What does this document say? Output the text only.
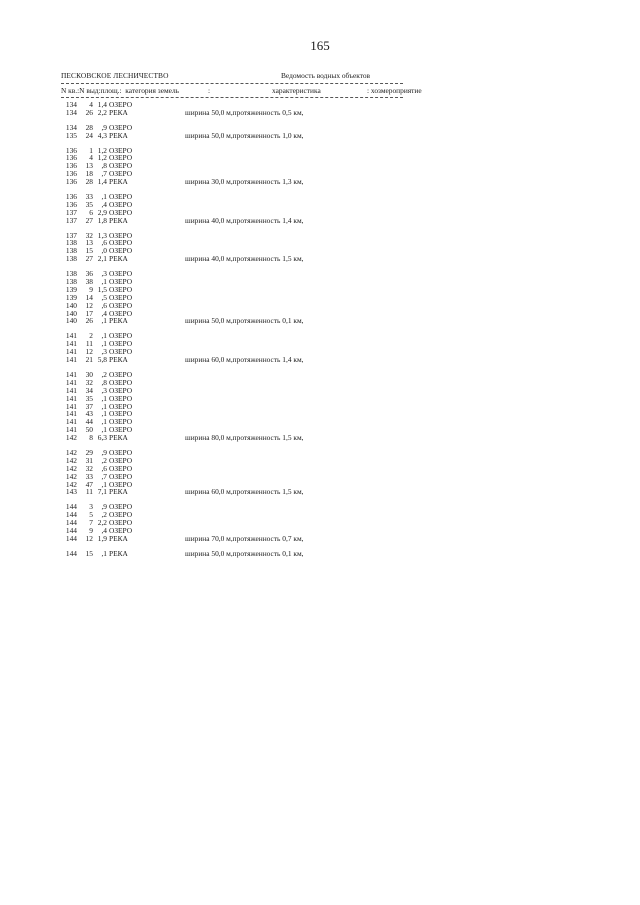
165
ПЕСКОВСКОЕ ЛЕСНИЧЕСТВО	Ведомость водных объектов
N кв.:N выд:площ.: категория земель	:	характеристика	: хозмероприятие
134	4 1,4 ОЗЕРО
134	26 2,2 РЕКА	ширина 50,0 м,протяженность 0,5 км,
134	28	,9 ОЗЕРО
135	24 4,3 РЕКА	ширина 50,0 м,протяженность 1,0 км,
136	1 1,2 ОЗЕРО
136	4 1,2 ОЗЕРО
136	13	,8 ОЗЕРО
136	18	,7 ОЗЕРО
136	28 1,4 РЕКА	ширина 30,0 м,протяженность 1,3 км,
136	33	,1 ОЗЕРО
136	35	,4 ОЗЕРО
137	6 2,9 ОЗЕРО
137	27 1,8 РЕКА	ширина 40,0 м,протяженность 1,4 км,
137	32 1,3 ОЗЕРО
138	13	,6 ОЗЕРО
138	15	,0 ОЗЕРО
138	27 2,1 РЕКА	ширина 40,0 м,протяженность 1,5 км,
138	36	,3 ОЗЕРО
138	38	,1 ОЗЕРО
139	9 1,5 ОЗЕРО
139	14	,5 ОЗЕРО
140	12	,6 ОЗЕРО
140	17	,4 ОЗЕРО
140	26	,1 РЕКА	ширина 50,0 м,протяженность 0,1 км,
141	2	,1 ОЗЕРО
141	11	,1 ОЗЕРО
141	12	,3 ОЗЕРО
141	21 5,8 РЕКА	ширина 60,0 м,протяженность 1,4 км,
141	30	,2 ОЗЕРО
141	32	,8 ОЗЕРО
141	34	,3 ОЗЕРО
141	35	,1 ОЗЕРО
141	37	,1 ОЗЕРО
141	43	,1 ОЗЕРО
141	44	,1 ОЗЕРО
141	50	,1 ОЗЕРО
142	8 6,3 РЕКА	ширина 80,0 м,протяженность 1,5 км,
142	29	,9 ОЗЕРО
142	31	,2 ОЗЕРО
142	32	,6 ОЗЕРО
142	33	,7 ОЗЕРО
142	47	,1 ОЗЕРО
143	11 7,1 РЕКА	ширина 60,0 м,протяженность 1,5 км,
144	3	,9 ОЗЕРО
144	5	,2 ОЗЕРО
144	7 2,2 ОЗЕРО
144	9	,4 ОЗЕРО
144	12 1,9 РЕКА	ширина 70,0 м,протяженность 0,7 км,
144	15	,1 РЕКА	ширина 50,0 м,протяженность 0,1 км,
